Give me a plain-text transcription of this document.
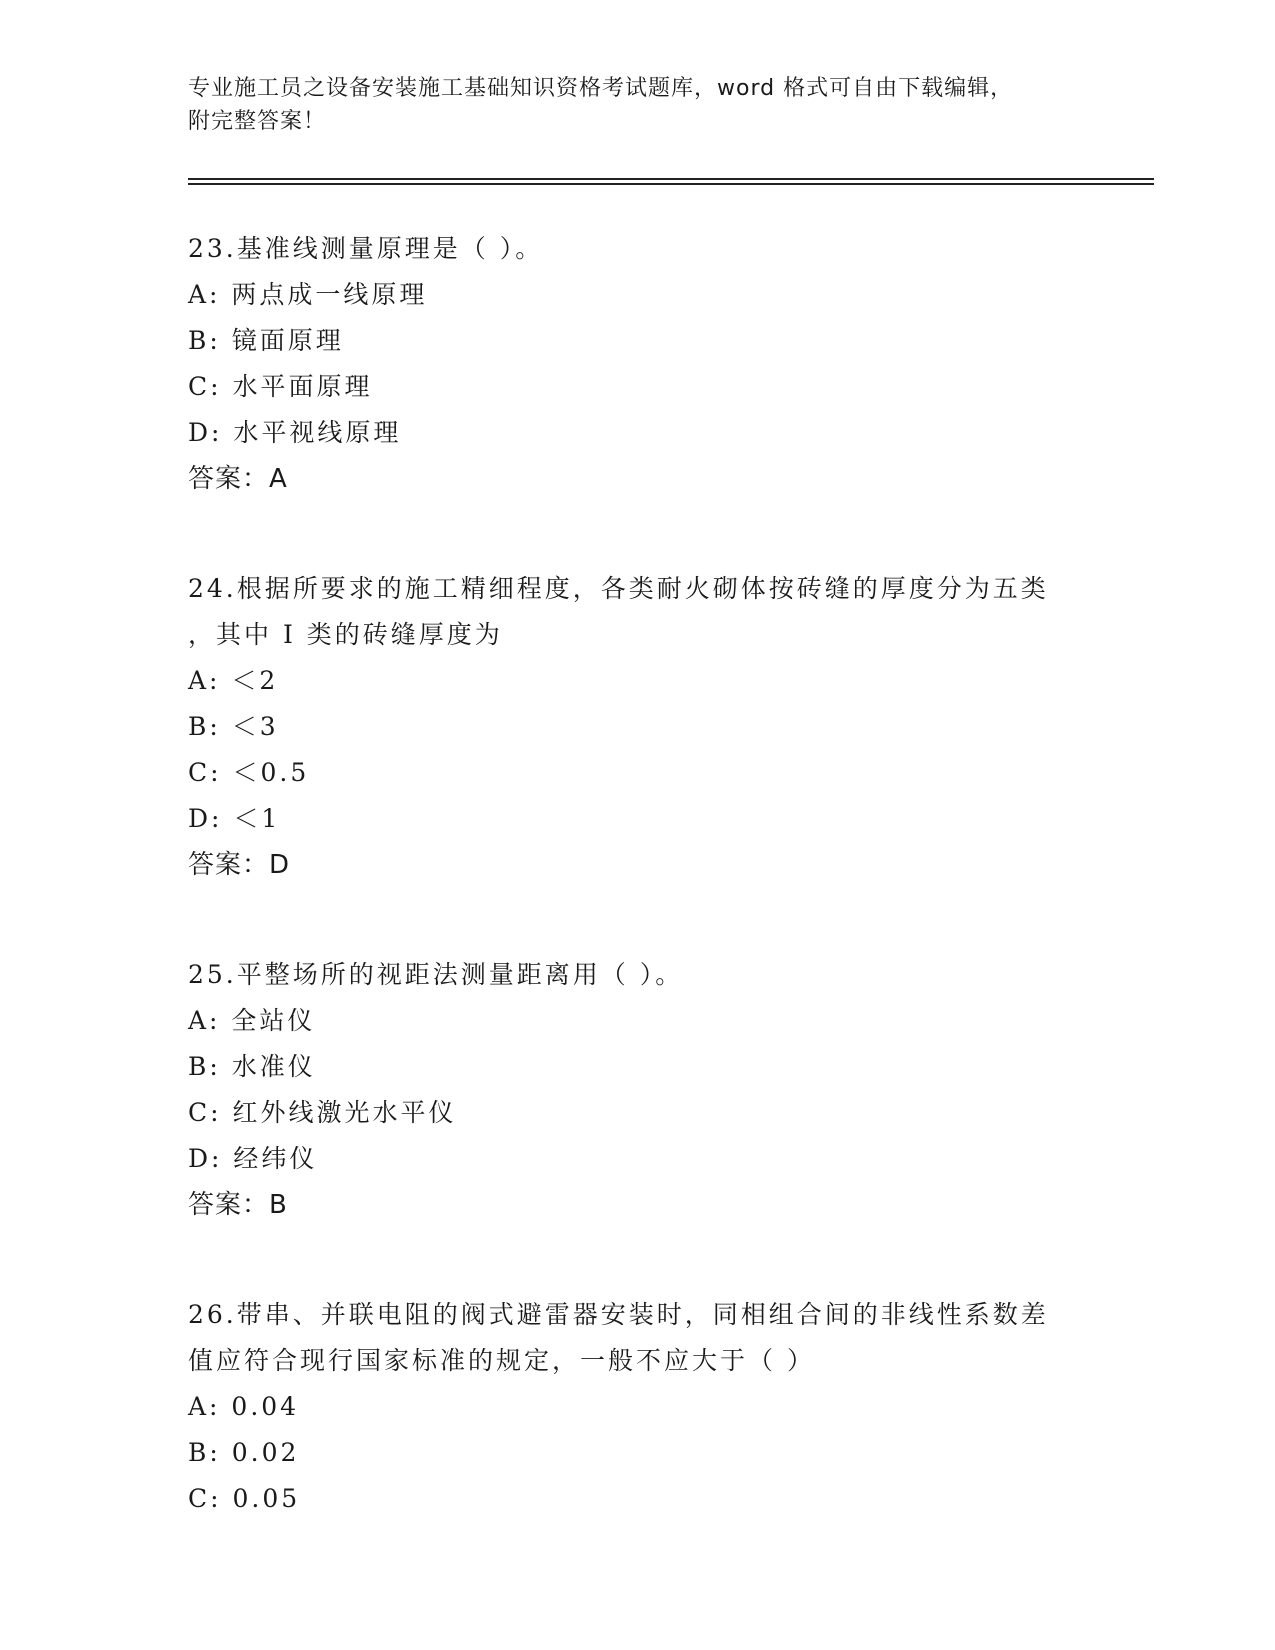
专业施工员之设备安装施工基础知识资格考试题库，word 格式可自由下载编辑，
附完整答案！
23.基准线测量原理是（ ）。
A: 两点成一线原理
B: 镜面原理
C: 水平面原理
D: 水平视线原理
答案：A
24.根据所要求的施工精细程度，各类耐火砌体按砖缝的厚度分为五类
，其中 I 类的砖缝厚度为
A: ＜2
B: ＜3
C: ＜0.5
D: ＜1
答案：D
25.平整场所的视距法测量距离用（ ）。
A: 全站仪
B: 水准仪
C: 红外线激光水平仪
D: 经纬仪
答案：B
26.带串、并联电阻的阀式避雷器安装时，同相组合间的非线性系数差
值应符合现行国家标准的规定，一般不应大于（ ）
A: 0.04
B: 0.02
C: 0.05
